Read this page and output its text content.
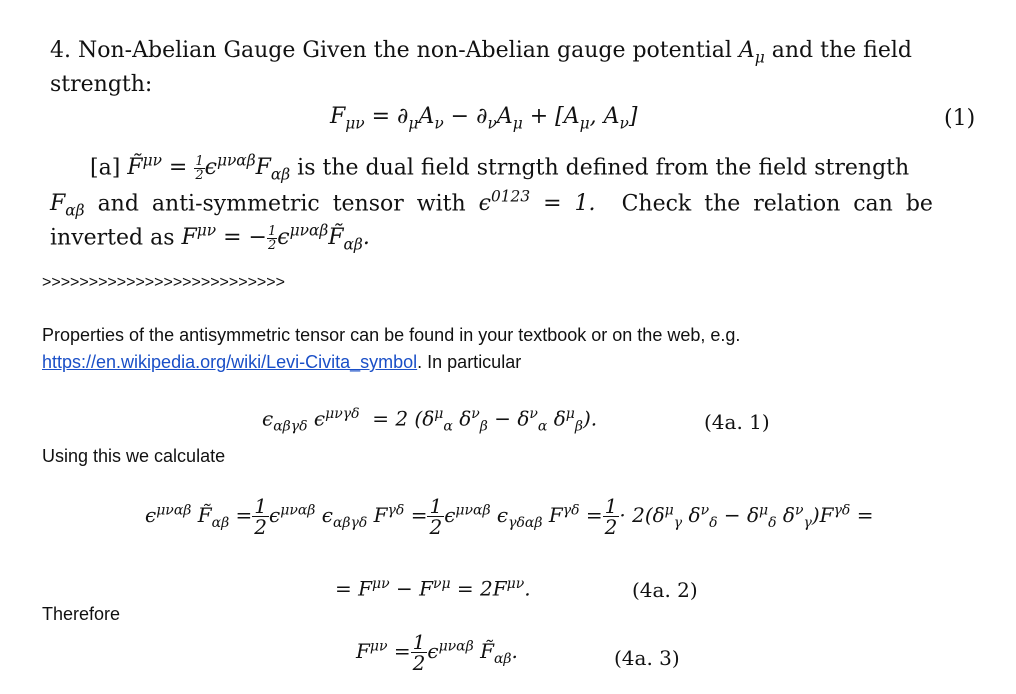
4. Non-Abelian Gauge Given the non-Abelian gauge potential $A_\mu$ and the field
strength:
$F_{\mu\nu} = \partial_\mu A_\nu - \partial_\nu A_\mu + [A_\mu$, $A_\nu$]	(1)
[a] F̃$^{\mu\nu}$ = $\frac{1}{2} \epsilon^{\mu\nu\alpha\beta}F_{\alpha\beta}$ is the dual field strngth defined from the field strength
$F_{\alpha\beta}$ and anti-symmetric tensor with $\epsilon^{0123} = 1$. Check the relation can be
inverted as $F^{\mu\nu}$ = − $\frac{1}{2}$ $\epsilon^{\mu\nu\alpha\beta}F̃_{\alpha\beta}$.
>>>>>>>>>>>>>>>>>>>>>>>>>>
Properties of the antisymmetric tensor can be found in your textbook or on the web, e.g.
https://en.wikipedia.org/wiki/Levi-Civita_symbol. In particular
$\epsilon_{\alpha\beta\gamma\delta}$ $\epsilon^{\mu\nu\gamma\delta} = 2$ ($\delta^\mu_\alpha$ $\delta^\nu_\beta - \delta^\nu_\alpha$ $\delta^\mu_\beta$).	(4a. 1)
Using this we calculate
$\epsilon^{\mu\nu\alpha\beta}$ $F̃_{\alpha\beta} = \frac{1}{2} \epsilon^{\mu\nu\alpha\beta}$ $\epsilon_{\alpha\beta\gamma\delta}$ $F^{\gamma\delta} = \frac{1}{2} \epsilon^{\mu\nu\alpha\beta}$ $\epsilon_{\gamma\delta\alpha\beta}$ $F^{\gamma\delta} = \frac{1}{2} \cdot 2(\delta^\mu_\gamma$ $\delta^\nu_\delta - \delta^\mu_\delta$ $\delta^\nu_\gamma)F^{\gamma\delta}$ =
= $F^{\mu\nu} - F^{\nu\mu} = 2F^{\mu\nu}$.	(4a. 2)
Therefore
$F^{\mu\nu} = \frac{1}{2} \epsilon^{\mu\nu\alpha\beta}$ $F̃_{\alpha\beta}$.	(4a. 3)
